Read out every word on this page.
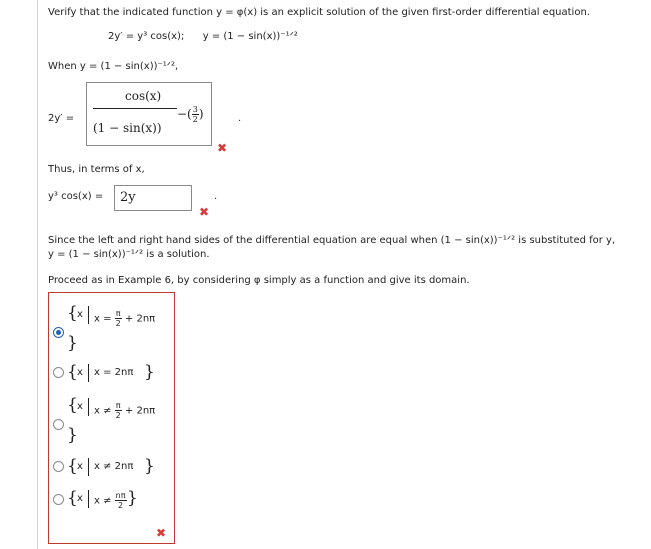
Verify that the indicated function y = φ(x) is an explicit solution of the given first-order differential equation.
2y′ = y³ cos(x); y = (1 − sin(x))⁻¹ᐟ²
When y = (1 − sin(x))⁻¹ᐟ²,
2y′ =
cos(x)
(1 − sin(x))
−( $\frac{3}{2}$ )	.
✖
Thus, in terms of x,
y³ cos(x) = 2y	.
✖
Since the left and right hand sides of the differential equation are equal when (1 − sin(x))⁻¹ᐟ² is substituted for y,
y = (1 − sin(x))⁻¹ᐟ² is a solution.
Proceed as in Example 6, by considering φ simply as a function and give its domain.
{ x $x = \frac{\pi}{2} + 2n\pi$
}
{ x x = 2nπ }
{ x $x \ne \frac{\pi}{2} + 2n\pi$
}
{ x x ≠ 2nπ }
{ x $x \ne \frac{n\pi}{2}$ }
✖
